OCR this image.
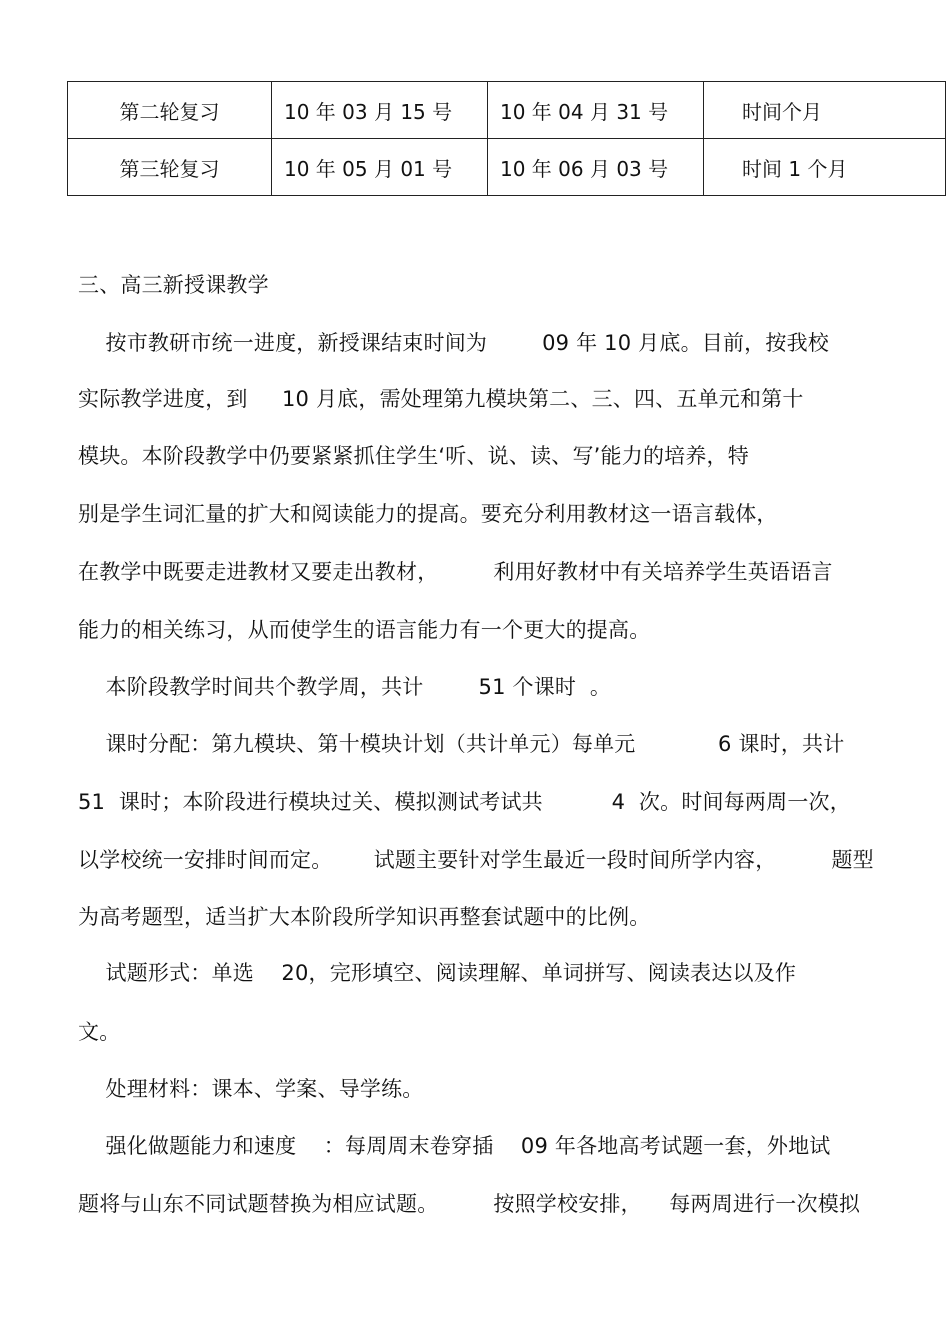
第二轮复习	10 年 03 月 15 号	10 年 04 月 31 号	时间个月
第三轮复习	10 年 05 月 01 号	10 年 06 月 03 号	时间 1 个月
三、高三新授课教学
按市教研市统一进度，新授课结束时间为        09 年 10 月底。目前，按我校
实际教学进度，到     10 月底，需处理第九模块第二、三、四、五单元和第十
模块。本阶段教学中仍要紧紧抓住学生‘听、说、读、写’能力的培养，特
别是学生词汇量的扩大和阅读能力的提高。要充分利用教材这一语言载体，
在教学中既要走进教材又要走出教材，        利用好教材中有关培养学生英语语言
能力的相关练习，从而使学生的语言能力有一个更大的提高。
本阶段教学时间共个教学周，共计        51 个课时  。
课时分配：第九模块、第十模块计划（共计单元）每单元            6 课时，共计
51  课时；本阶段进行模块过关、模拟测试考试共          4  次。时间每两周一次，
以学校统一安排时间而定。      试题主要针对学生最近一段时间所学内容，        题型
为高考题型，适当扩大本阶段所学知识再整套试题中的比例。
试题形式：单选    20，完形填空、阅读理解、单词拼写、阅读表达以及作
文。
处理材料：课本、学案、导学练。
强化做题能力和速度    ：每周周末卷穿插    09 年各地高考试题一套，外地试
题将与山东不同试题替换为相应试题。        按照学校安排，    每两周进行一次模拟
